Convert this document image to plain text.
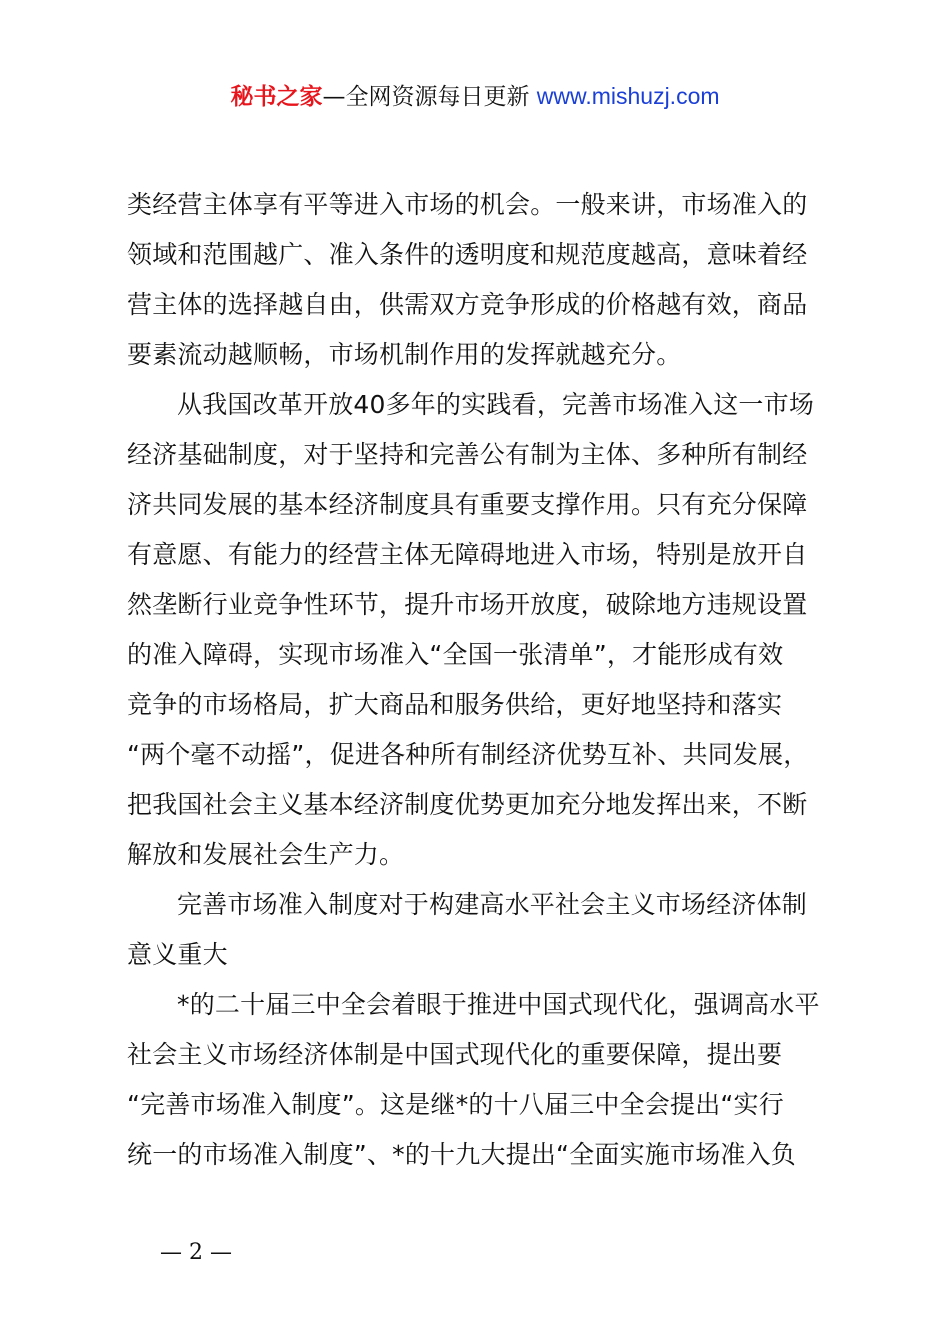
秘书之家—全网资源每日更新 www.mishuzj.com
类经营主体享有平等进入市场的机会。一般来讲，市场准入的
领域和范围越广、准入条件的透明度和规范度越高，意味着经
营主体的选择越自由，供需双方竞争形成的价格越有效，商品
要素流动越顺畅，市场机制作用的发挥就越充分。
从我国改革开放40多年的实践看，完善市场准入这一市场
经济基础制度，对于坚持和完善公有制为主体、多种所有制经
济共同发展的基本经济制度具有重要支撑作用。只有充分保障
有意愿、有能力的经营主体无障碍地进入市场，特别是放开自
然垄断行业竞争性环节，提升市场开放度，破除地方违规设置
的准入障碍，实现市场准入“全国一张清单”，才能形成有效
竞争的市场格局，扩大商品和服务供给，更好地坚持和落实
“两个毫不动摇”，促进各种所有制经济优势互补、共同发展，
把我国社会主义基本经济制度优势更加充分地发挥出来，不断
解放和发展社会生产力。
完善市场准入制度对于构建高水平社会主义市场经济体制
意义重大
*的二十届三中全会着眼于推进中国式现代化，强调高水平
社会主义市场经济体制是中国式现代化的重要保障，提出要
“完善市场准入制度”。这是继*的十八届三中全会提出“实行
统一的市场准入制度”、*的十九大提出“全面实施市场准入负
— 2 —
